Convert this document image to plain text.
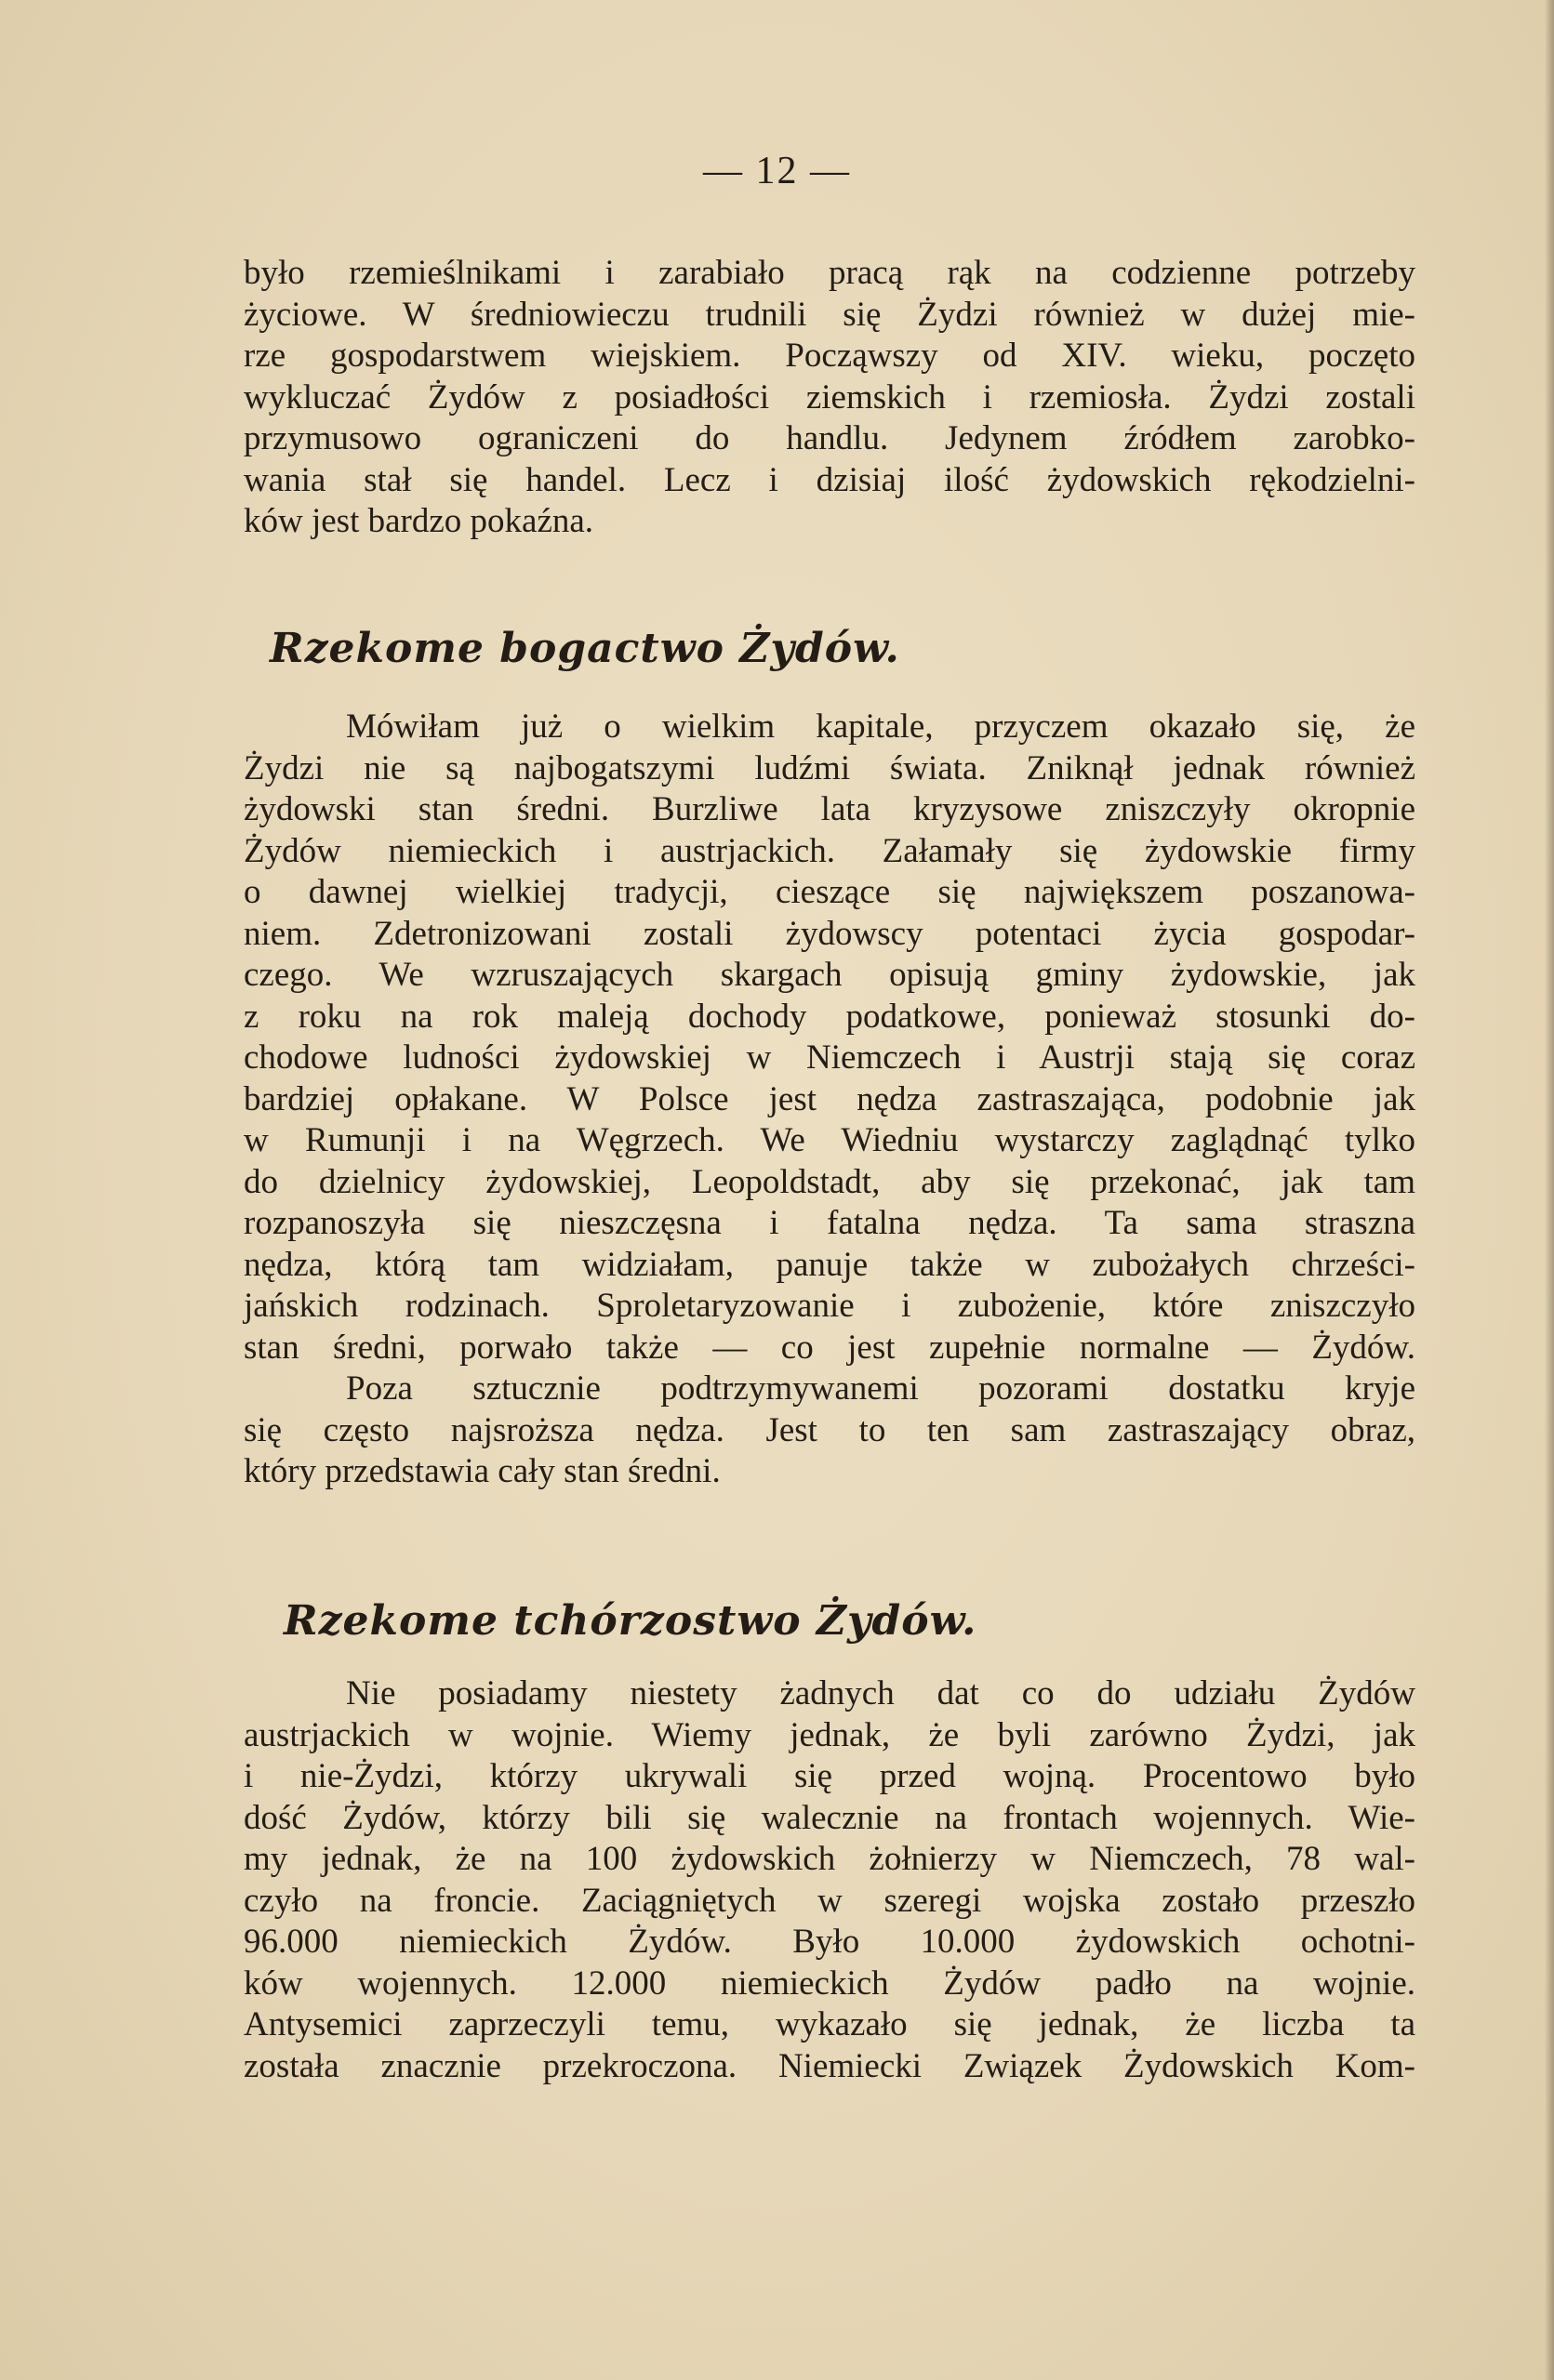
— 12 —
było rzemieślnikami i zarabiało pracą rąk na codzienne potrzeby
życiowe. W średniowieczu trudnili się Żydzi również w dużej mie-
rze gospodarstwem wiejskiem. Począwszy od XIV. wieku, poczęto
wykluczać Żydów z posiadłości ziemskich i rzemiosła. Żydzi zostali
przymusowo ograniczeni do handlu. Jedynem źródłem zarobko-
wania stał się handel. Lecz i dzisiaj ilość żydowskich rękodzielni-
ków jest bardzo pokaźna.
Rzekome bogactwo Żydów.
Mówiłam już o wielkim kapitale, przyczem okazało się, że
Żydzi nie są najbogatszymi ludźmi świata. Zniknął jednak również
żydowski stan średni. Burzliwe lata kryzysowe zniszczyły okropnie
Żydów niemieckich i austrjackich. Załamały się żydowskie firmy
o dawnej wielkiej tradycji, cieszące się największem poszanowa-
niem. Zdetronizowani zostali żydowscy potentaci życia gospodar-
czego. We wzruszających skargach opisują gminy żydowskie, jak
z roku na rok maleją dochody podatkowe, ponieważ stosunki do-
chodowe ludności żydowskiej w Niemczech i Austrji stają się coraz
bardziej opłakane. W Polsce jest nędza zastraszająca, podobnie jak
w Rumunji i na Węgrzech. We Wiedniu wystarczy zaglądnąć tylko
do dzielnicy żydowskiej, Leopoldstadt, aby się przekonać, jak tam
rozpanoszyła się nieszczęsna i fatalna nędza. Ta sama straszna
nędza, którą tam widziałam, panuje także w zubożałych chrześci-
jańskich rodzinach. Sproletaryzowanie i zubożenie, które zniszczyło
stan średni, porwało także — co jest zupełnie normalne — Żydów.
Poza sztucznie podtrzymywanemi pozorami dostatku kryje
się często najsroższa nędza. Jest to ten sam zastraszający obraz,
który przedstawia cały stan średni.
Rzekome tchórzostwo Żydów.
Nie posiadamy niestety żadnych dat co do udziału Żydów
austrjackich w wojnie. Wiemy jednak, że byli zarówno Żydzi, jak
i nie-Żydzi, którzy ukrywali się przed wojną. Procentowo było
dość Żydów, którzy bili się walecznie na frontach wojennych. Wie-
my jednak, że na 100 żydowskich żołnierzy w Niemczech, 78 wal-
czyło na froncie. Zaciągniętych w szeregi wojska zostało przeszło
96.000 niemieckich Żydów. Było 10.000 żydowskich ochotni-
ków wojennych. 12.000 niemieckich Żydów padło na wojnie.
Antysemici zaprzeczyli temu, wykazało się jednak, że liczba ta
została znacznie przekroczona. Niemiecki Związek Żydowskich Kom-
